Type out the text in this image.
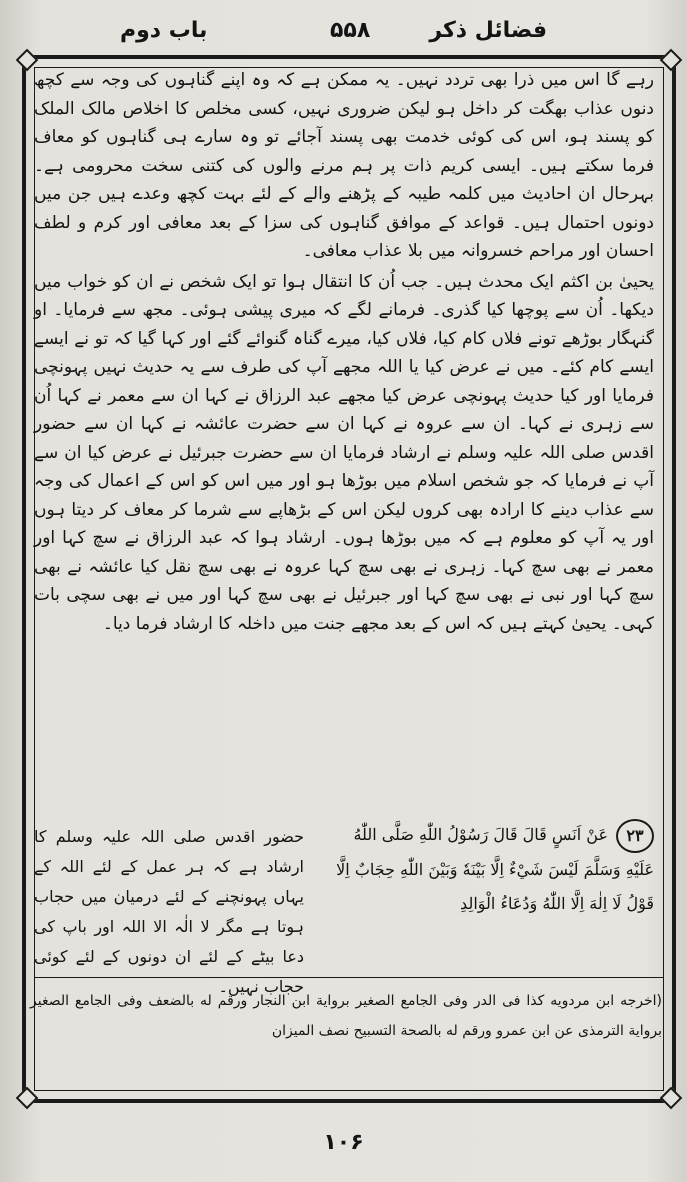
فضائل ذکر
۵۵۸
باب دوم

رہے گا اس میں ذرا بھی تردد نہیں۔ یہ ممکن ہے کہ وہ اپنے گناہوں کی وجہ سے کچھ دنوں عذاب بھگت کر داخل ہو لیکن ضروری نہیں، کسی مخلص کا اخلاص مالک الملک کو پسند ہو، اس کی کوئی خدمت بھی پسند آجائے تو وہ سارے ہی گناہوں کو معاف فرما سکتے ہیں۔ ایسی کریم ذات پر ہم مرنے والوں کی کتنی سخت محرومی ہے۔ بہرحال ان احادیث میں کلمہ طیبہ کے پڑھنے والے کے لئے بہت کچھ وعدے ہیں جن میں دونوں احتمال ہیں۔ قواعد کے موافق گناہوں کی سزا کے بعد معافی اور کرم و لطف احسان اور مراحم خسروانہ میں بلا عذاب معافی۔

یحییٰ بن اکثم ایک محدث ہیں۔ جب اُن کا انتقال ہوا تو ایک شخص نے ان کو خواب میں دیکھا۔ اُن سے پوچھا کیا گذری۔ فرمانے لگے کہ میری پیشی ہوئی۔ مجھ سے فرمایا۔ او گنہگار بوڑھے تونے فلاں کام کیا، فلاں کیا، میرے گناہ گنوائے گئے اور کہا گیا کہ تو نے ایسے ایسے کام کئے۔ میں نے عرض کیا یا اللہ مجھے آپ کی طرف سے یہ حدیث نہیں پہونچی فرمایا اور کیا حدیث پہونچی عرض کیا مجھے عبد الرزاق نے کہا ان سے معمر نے کہا اُن سے زہری نے کہا۔ ان سے عروہ نے کہا ان سے حضرت عائشہ نے کہا ان سے حضور اقدس صلی اللہ علیہ وسلم نے ارشاد فرمایا ان سے حضرت جبرئیل نے عرض کیا ان سے آپ نے فرمایا کہ جو شخص اسلام میں بوڑھا ہو اور میں اس کو اس کے اعمال کی وجہ سے عذاب دینے کا ارادہ بھی کروں لیکن اس کے بڑھاپے سے شرما کر معاف کر دیتا ہوں اور یہ آپ کو معلوم ہے کہ میں بوڑھا ہوں۔ ارشاد ہوا کہ عبد الرزاق نے سچ کہا اور معمر نے بھی سچ کہا۔ زہری نے بھی سچ کہا عروہ نے بھی سچ نقل کیا عائشہ نے بھی سچ کہا اور نبی نے بھی سچ کہا اور جبرئیل نے بھی سچ کہا اور میں نے بھی سچی بات کہی۔ یحییٰ کہتے ہیں کہ اس کے بعد مجھے جنت میں داخلہ کا ارشاد فرما دیا۔

۲۳عَنْ اَنَسٍ قَالَ قَالَ رَسُوْلُ اللّٰهِ صَلَّى اللّٰهُ عَلَيْهِ وَسَلَّمَ لَيْسَ شَيْءٌ اِلَّا بَيْنَهٗ وَبَيْنَ اللّٰهِ حِجَابٌ اِلَّا قَوْلُ لَا اِلٰهَ اِلَّا اللّٰهُ وَدُعَاءُ الْوَالِدِ
حضور اقدس صلی اللہ علیہ وسلم کا ارشاد ہے کہ ہر عمل کے لئے اللہ کے یہاں پہونچنے کے لئے درمیان میں حجاب ہوتا ہے مگر لا الٰہ الا اللہ اور باپ کی دعا بیٹے کے لئے ان دونوں کے لئے کوئی حجاب نہیں۔
(اخرجه ابن مردويه كذا فى الدر وفى الجامع الصغير برواية ابن النجار ورقم له بالضعف وفى الجامع الصغير برواية الترمذى عن ابن عمرو ورقم له بالصحة التسبيح نصف الميزان
۱۰۶
